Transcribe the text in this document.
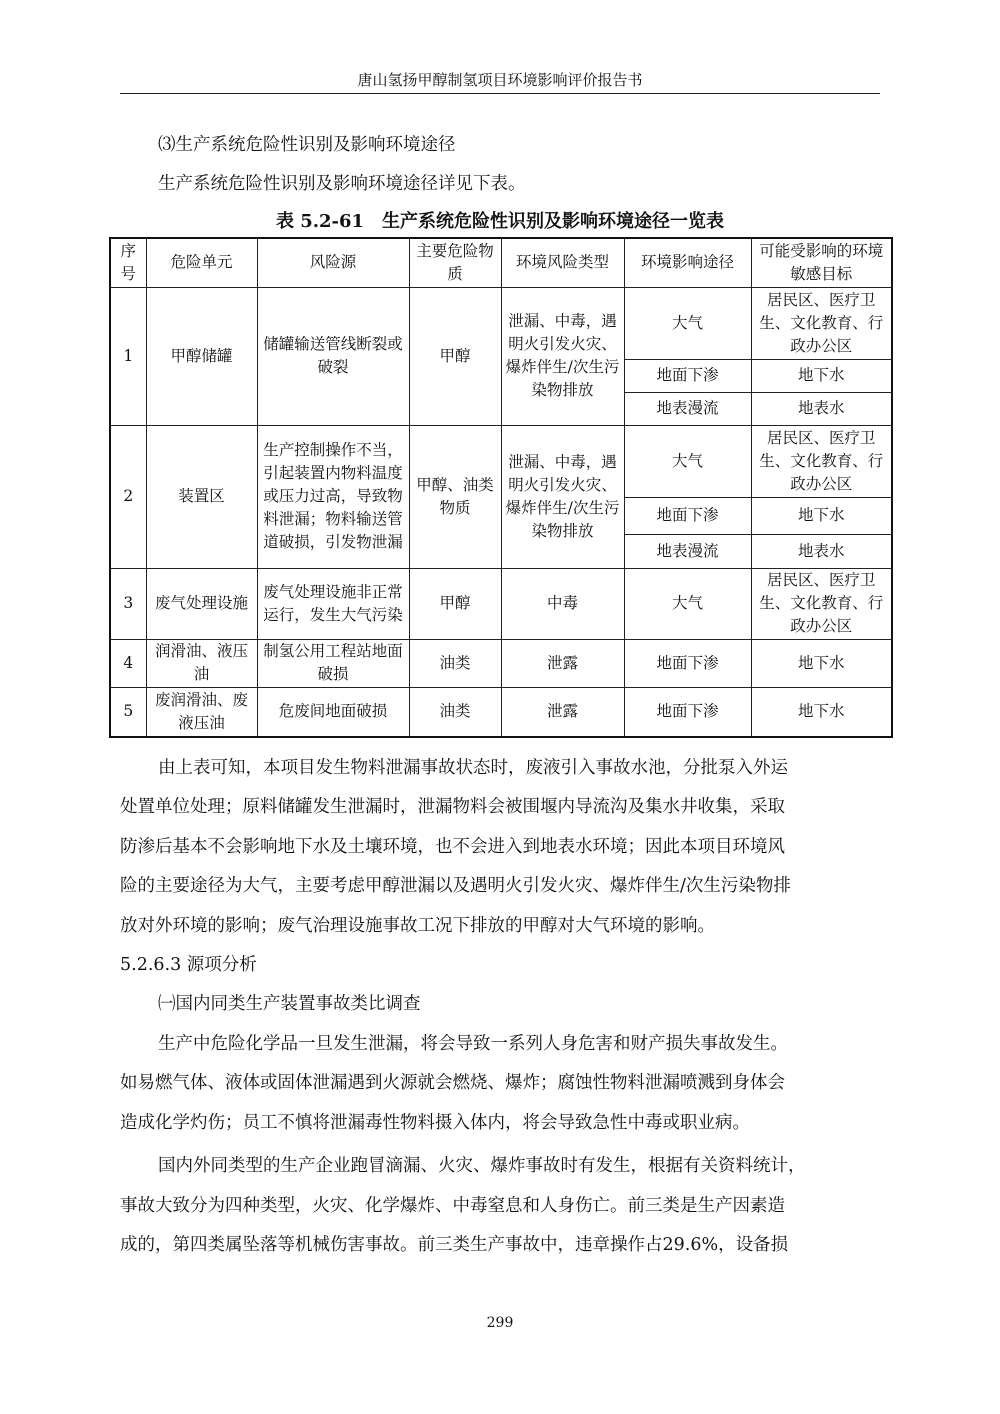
唐山氢扬甲醇制氢项目环境影响评价报告书
⑶生产系统危险性识别及影响环境途径
生产系统危险性识别及影响环境途径详见下表。
表 5.2-61　生产系统危险性识别及影响环境途径一览表
序号	危险单元	风险源	主要危险物质	环境风险类型	环境影响途径	可能受影响的环境敏感目标
1	甲醇储罐	储罐输送管线断裂或破裂	甲醇	泄漏、中毒，遇明火引发火灾、爆炸伴生/次生污染物排放	大气	居民区、医疗卫生、文化教育、行政办公区
					地面下渗	地下水
					地表漫流	地表水
2	装置区	生产控制操作不当，引起装置内物料温度或压力过高，导致物料泄漏；物料输送管道破损，引发物泄漏	甲醇、油类物质	泄漏、中毒，遇明火引发火灾、爆炸伴生/次生污染物排放	大气	居民区、医疗卫生、文化教育、行政办公区
					地面下渗	地下水
					地表漫流	地表水
3	废气处理设施	废气处理设施非正常运行，发生大气污染	甲醇	中毒	大气	居民区、医疗卫生、文化教育、行政办公区
4	润滑油、液压油	制氢公用工程站地面破损	油类	泄露	地面下渗	地下水
5	废润滑油、废液压油	危废间地面破损	油类	泄露	地面下渗	地下水
由上表可知，本项目发生物料泄漏事故状态时，废液引入事故水池，分批泵入外运
处置单位处理；原料储罐发生泄漏时，泄漏物料会被围堰内导流沟及集水井收集，采取
防渗后基本不会影响地下水及土壤环境，也不会进入到地表水环境；因此本项目环境风
险的主要途径为大气，主要考虑甲醇泄漏以及遇明火引发火灾、爆炸伴生/次生污染物排
放对外环境的影响；废气治理设施事故工况下排放的甲醇对大气环境的影响。
5.2.6.3 源项分析
㈠国内同类生产装置事故类比调查
生产中危险化学品一旦发生泄漏，将会导致一系列人身危害和财产损失事故发生。
如易燃气体、液体或固体泄漏遇到火源就会燃烧、爆炸；腐蚀性物料泄漏喷溅到身体会
造成化学灼伤；员工不慎将泄漏毒性物料摄入体内，将会导致急性中毒或职业病。
国内外同类型的生产企业跑冒滴漏、火灾、爆炸事故时有发生，根据有关资料统计，
事故大致分为四种类型，火灾、化学爆炸、中毒窒息和人身伤亡。前三类是生产因素造
成的，第四类属坠落等机械伤害事故。前三类生产事故中，违章操作占29.6%，设备损
299
